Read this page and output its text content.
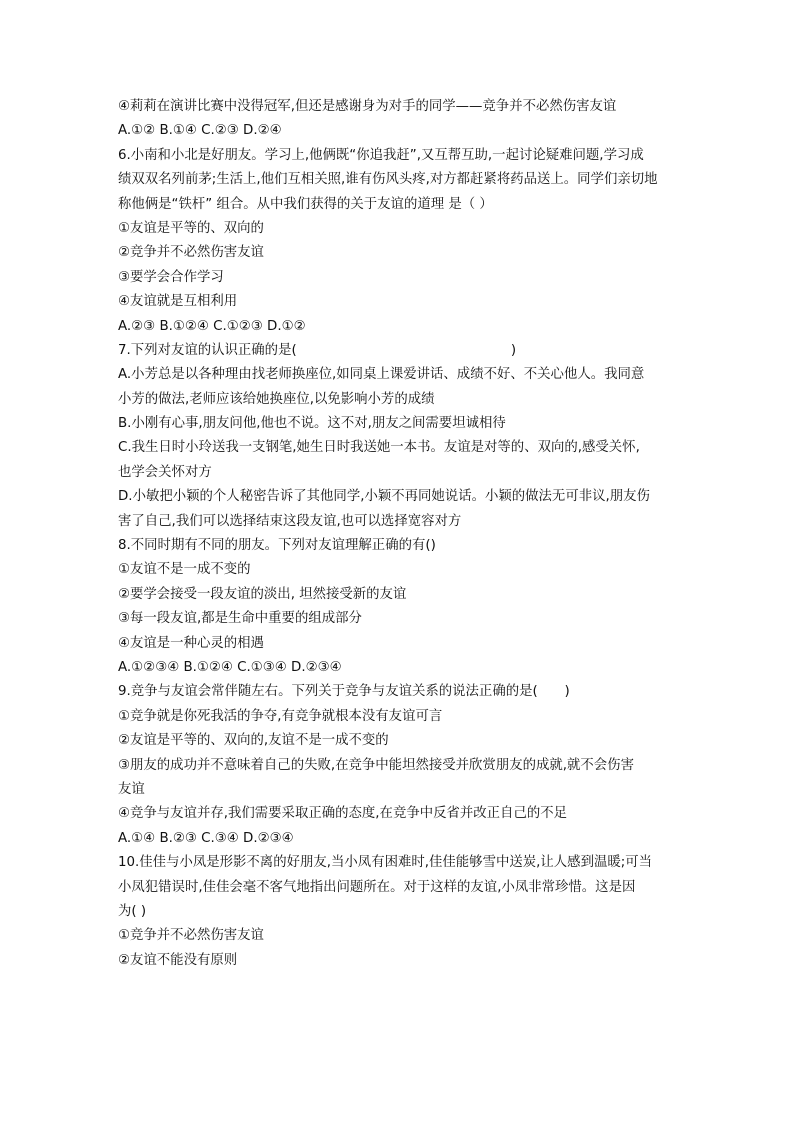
④莉莉在演讲比赛中没得冠军,但还是感谢身为对手的同学——竞争并不必然伤害友谊
A.①② B.①④ C.②③ D.②④
6.小南和小北是好朋友。学习上,他俩既“你追我赶”,又互帮互助,一起讨论疑难问题,学习成
绩双双名列前茅;生活上,他们互相关照,谁有伤风头疼,对方都赶紧将药品送上。同学们亲切地
称他俩是“铁杆” 组合。从中我们获得的关于友谊的道理 是（ ）
①友谊是平等的、双向的
②竞争并不必然伤害友谊
③要学会合作学习
④友谊就是互相利用
A.②③ B.①②④ C.①②③ D.①②
7.下列对友谊的认识正确的是(　　　　　　　　　　　　　　　　)
A.小芳总是以各种理由找老师换座位,如同桌上课爱讲话、成绩不好、不关心他人。我同意
小芳的做法,老师应该给她换座位,以免影响小芳的成绩
B.小刚有心事,朋友问他,他也不说。这不对,朋友之间需要坦诚相待
C.我生日时小玲送我一支钢笔,她生日时我送她一本书。友谊是对等的、双向的,感受关怀,
也学会关怀对方
D.小敏把小颖的个人秘密告诉了其他同学,小颖不再同她说话。小颖的做法无可非议,朋友伤
害了自己,我们可以选择结束这段友谊,也可以选择宽容对方
8.不同时期有不同的朋友。下列对友谊理解正确的有()
①友谊不是一成不变的
②要学会接受一段友谊的淡出, 坦然接受新的友谊
③每一段友谊,都是生命中重要的组成部分
④友谊是一种心灵的相遇
A.①②③④ B.①②④ C.①③④ D.②③④
9.竞争与友谊会常伴随左右。下列关于竞争与友谊关系的说法正确的是(　　)
①竞争就是你死我活的争夺,有竞争就根本没有友谊可言
②友谊是平等的、双向的,友谊不是一成不变的
③朋友的成功并不意味着自己的失败,在竞争中能坦然接受并欣赏朋友的成就,就不会伤害
友谊
④竞争与友谊并存,我们需要采取正确的态度,在竞争中反省并改正自己的不足
A.①④ B.②③ C.③④ D.②③④
10.佳佳与小凤是形影不离的好朋友,当小凤有困难时,佳佳能够雪中送炭,让人感到温暖;可当
小凤犯错误时,佳佳会毫不客气地指出问题所在。对于这样的友谊,小凤非常珍惜。这是因
为( )
①竞争并不必然伤害友谊
②友谊不能没有原则
